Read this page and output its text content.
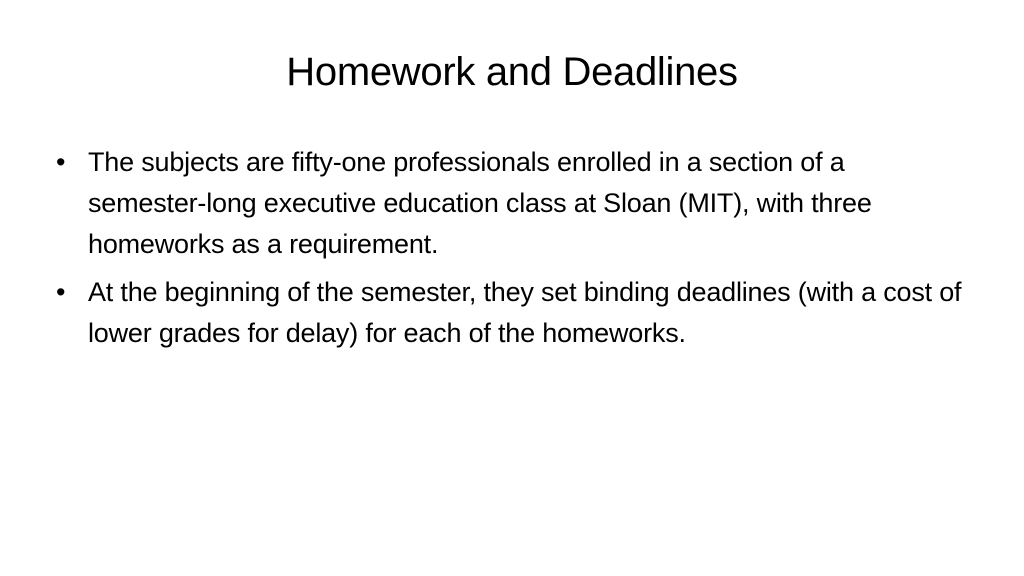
Homework and Deadlines
• The subjects are fifty-one professionals enrolled in a section of a semester-long executive education class at Sloan (MIT), with three homeworks as a requirement.
• At the beginning of the semester, they set binding deadlines (with a cost of lower grades for delay) for each of the homeworks.
